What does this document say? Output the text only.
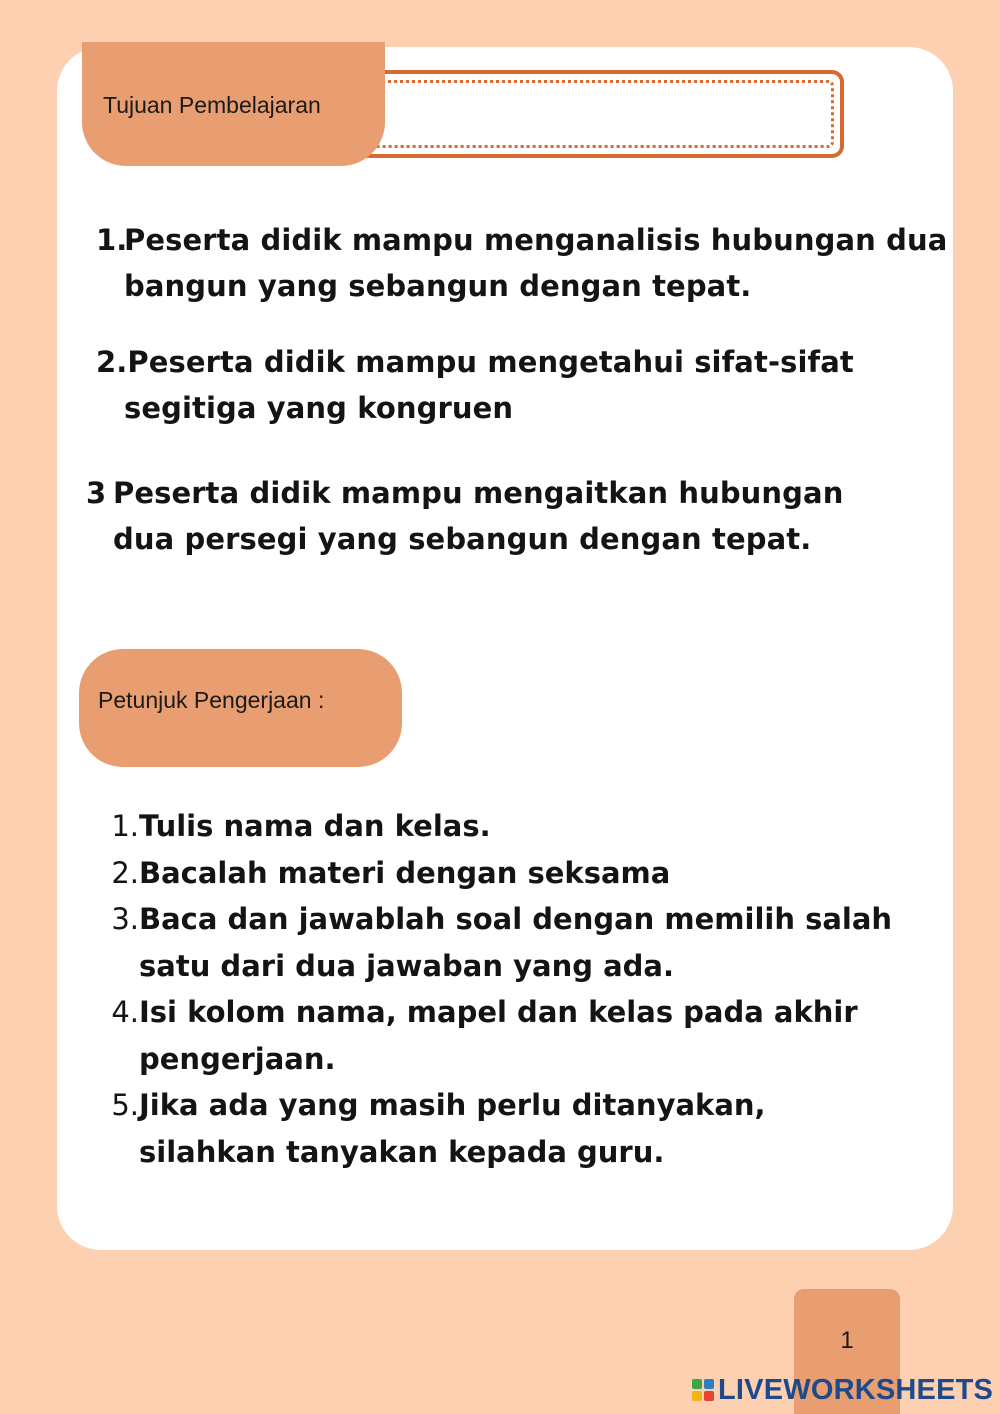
Tujuan Pembelajaran
1.
Peserta didik mampu menganalisis hubungan dua
bangun yang sebangun dengan tepat.
2. Peserta didik mampu mengetahui sifat-sifat
segitiga yang kongruen
3 Peserta didik mampu mengaitkan hubungan
dua persegi yang sebangun dengan tepat.
Petunjuk Pengerjaan :
1. Tulis nama dan kelas.
2. Bacalah materi dengan seksama
3. Baca dan jawablah soal dengan memilih salah satu dari dua jawaban yang ada.
4. Isi kolom nama, mapel dan kelas pada akhir pengerjaan.
5. Jika ada yang masih perlu ditanyakan, silahkan tanyakan kepada guru.
1
LIVEWORKSHEETS
